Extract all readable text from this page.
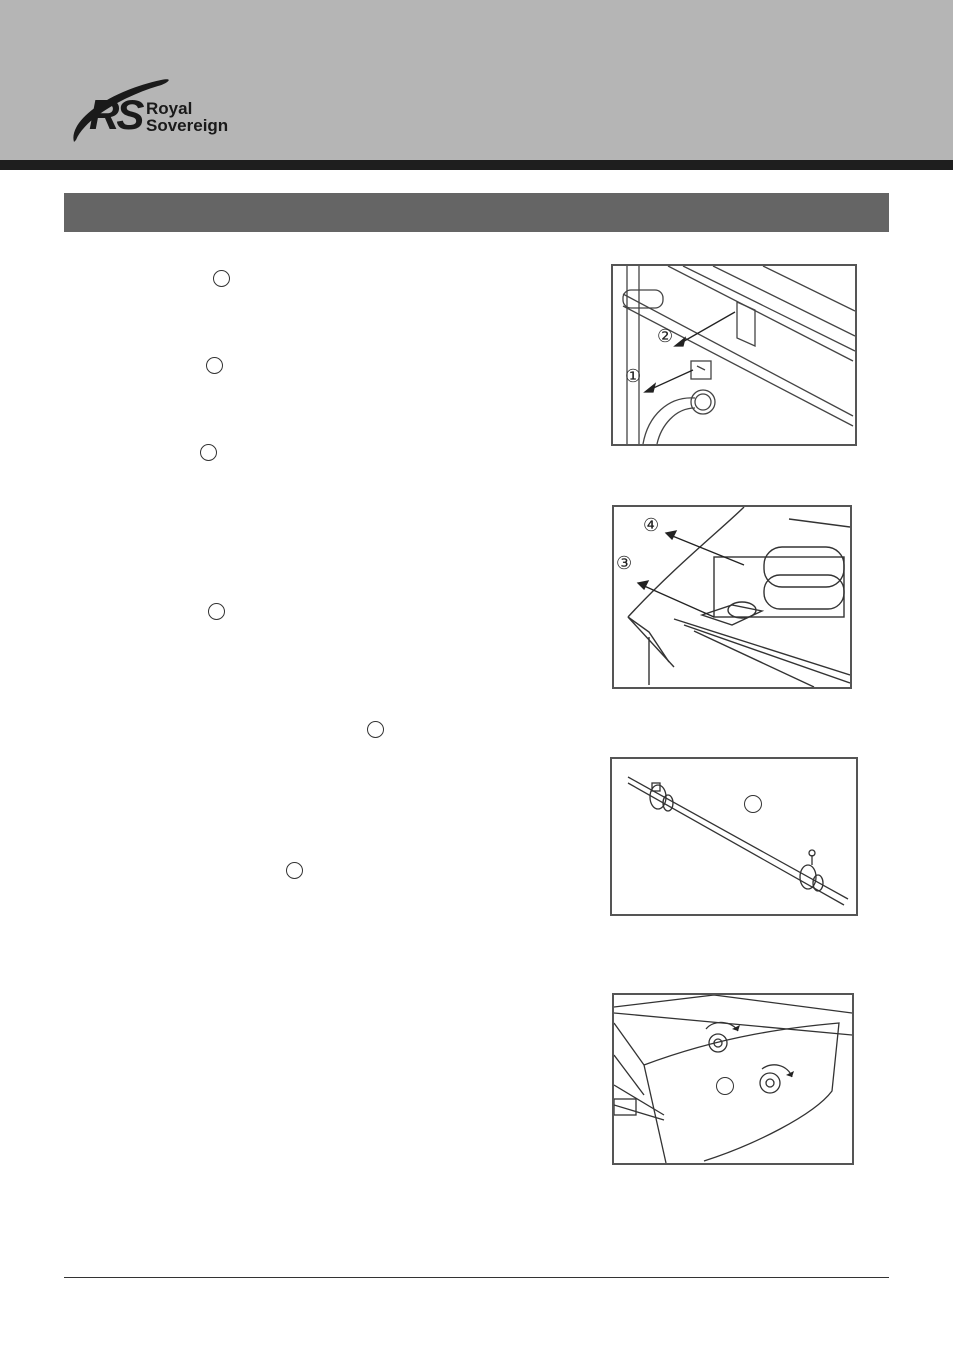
RS Royal
Sovereign
②
①
④
③
